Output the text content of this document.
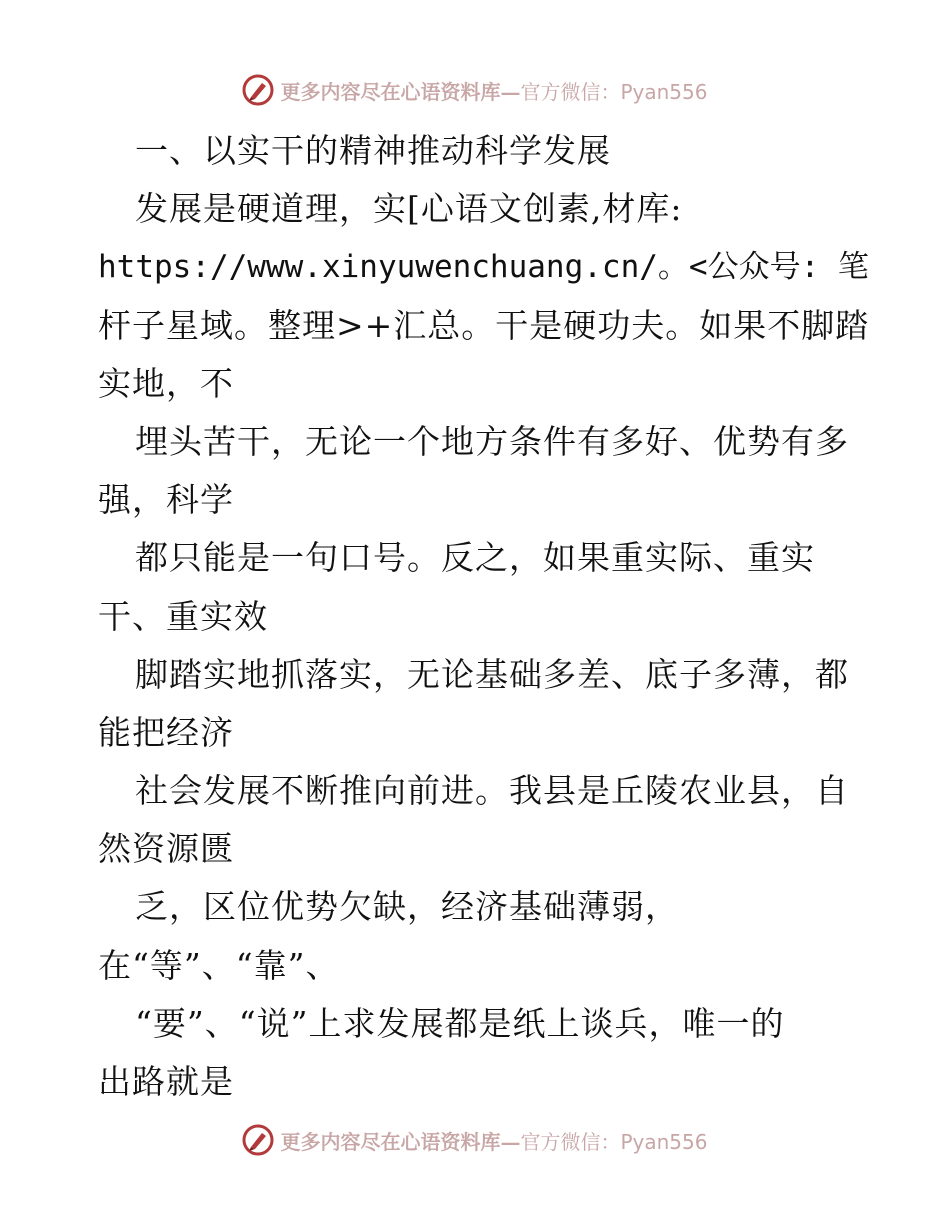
更多内容尽在心语资料库— 官方微信：Pyan556
一、以实干的精神推动科学发展
发展是硬道理，实[心语文创素,材库:
https://www.xinyuwenchuang.cn/。<公众号: 笔
杆子星域。整理>+汇总。干是硬功夫。如果不脚踏
实地，不
埋头苦干，无论一个地方条件有多好、优势有多
强，科学
都只能是一句口号。反之，如果重实际、重实
干、重实效
脚踏实地抓落实，无论基础多差、底子多薄，都
能把经济
社会发展不断推向前进。我县是丘陵农业县，自
然资源匮
乏，区位优势欠缺，经济基础薄弱，
在“等”、“靠”、
“要”、“说”上求发展都是纸上谈兵，唯一的
出路就是
更多内容尽在心语资料库— 官方微信：Pyan556
